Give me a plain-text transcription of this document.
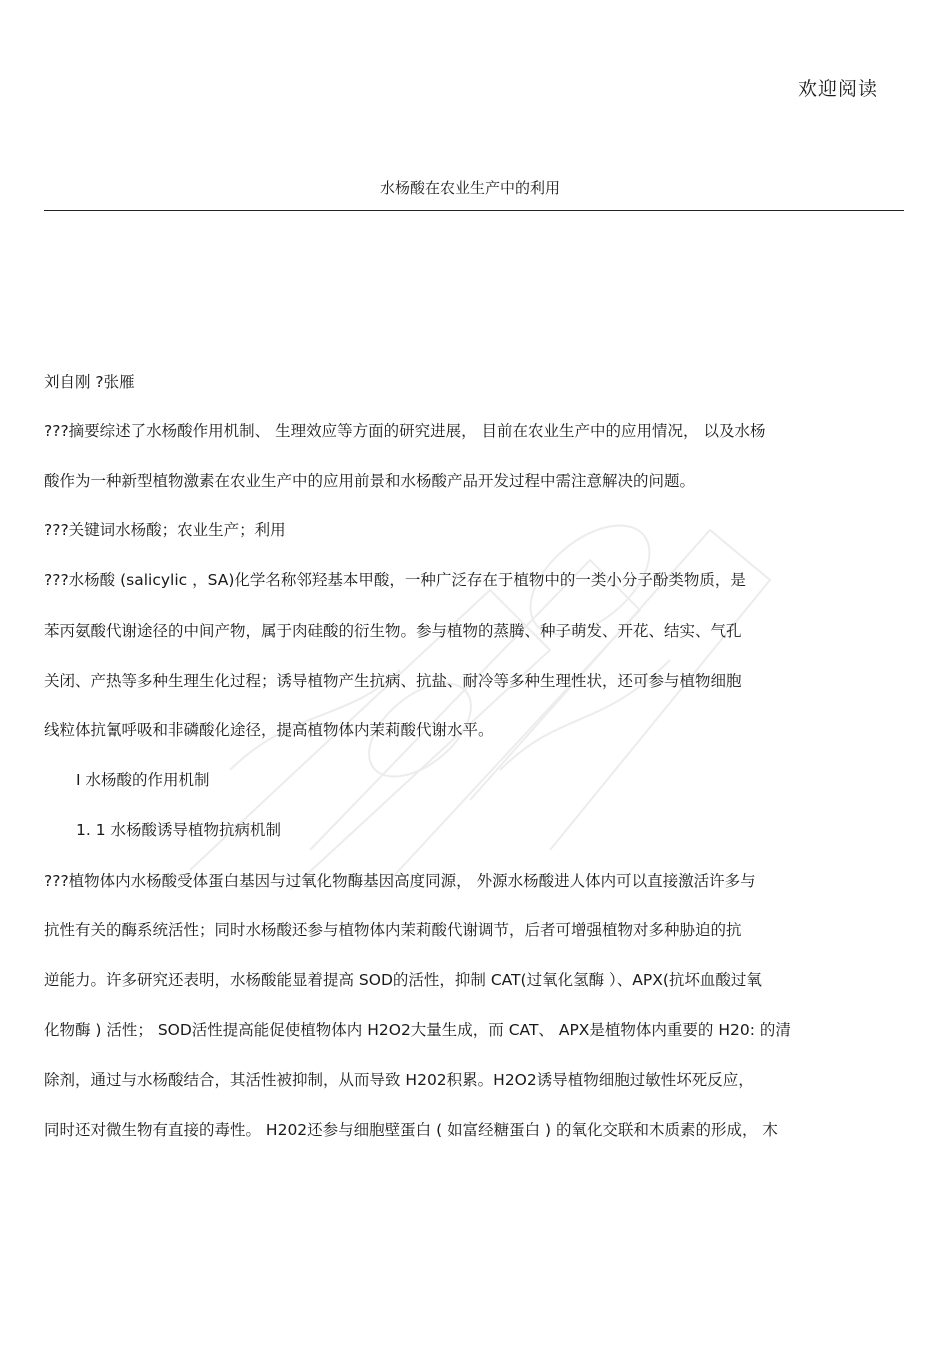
欢迎阅读
水杨酸在农业生产中的利用
刘自刚 ?张雁
???摘要综述了水杨酸作用机制、 生理效应等方面的研究进展， 目前在农业生产中的应用情况， 以及水杨
酸作为一种新型植物激素在农业生产中的应用前景和水杨酸产品开发过程中需注意解决的问题。
???关键词水杨酸；农业生产；利用
???水杨酸 (salicylic ，SA)化学名称邻羟基本甲酸，一种广泛存在于植物中的一类小分子酚类物质，是
苯丙氨酸代谢途径的中间产物，属于肉硅酸的衍生物。参与植物的蒸腾、种子萌发、开花、结实、气孔
关闭、产热等多种生理生化过程；诱导植物产生抗病、抗盐、耐冷等多种生理性状，还可参与植物细胞
线粒体抗氰呼吸和非磷酸化途径，提高植物体内茉莉酸代谢水平。
I 水杨酸的作用机制
1. 1 水杨酸诱导植物抗病机制
???植物体内水杨酸受体蛋白基因与过氧化物酶基因高度同源， 外源水杨酸进人体内可以直接激活许多与
抗性有关的酶系统活性；同时水杨酸还参与植物体内茉莉酸代谢调节，后者可增强植物对多种胁迫的抗
逆能力。许多研究还表明，水杨酸能显着提高 SOD的活性，抑制 CAT(过氧化氢酶 ）、APX(抗坏血酸过氧
化物酶 ) 活性； SOD活性提高能促使植物体内 H2O2大量生成，而 CAT、 APX是植物体内重要的 H20: 的清
除剂，通过与水杨酸结合，其活性被抑制，从而导致 H202积累。H2O2诱导植物细胞过敏性坏死反应，
同时还对微生物有直接的毒性。 H202还参与细胞壁蛋白 ( 如富经糖蛋白 ) 的氧化交联和木质素的形成， 木
